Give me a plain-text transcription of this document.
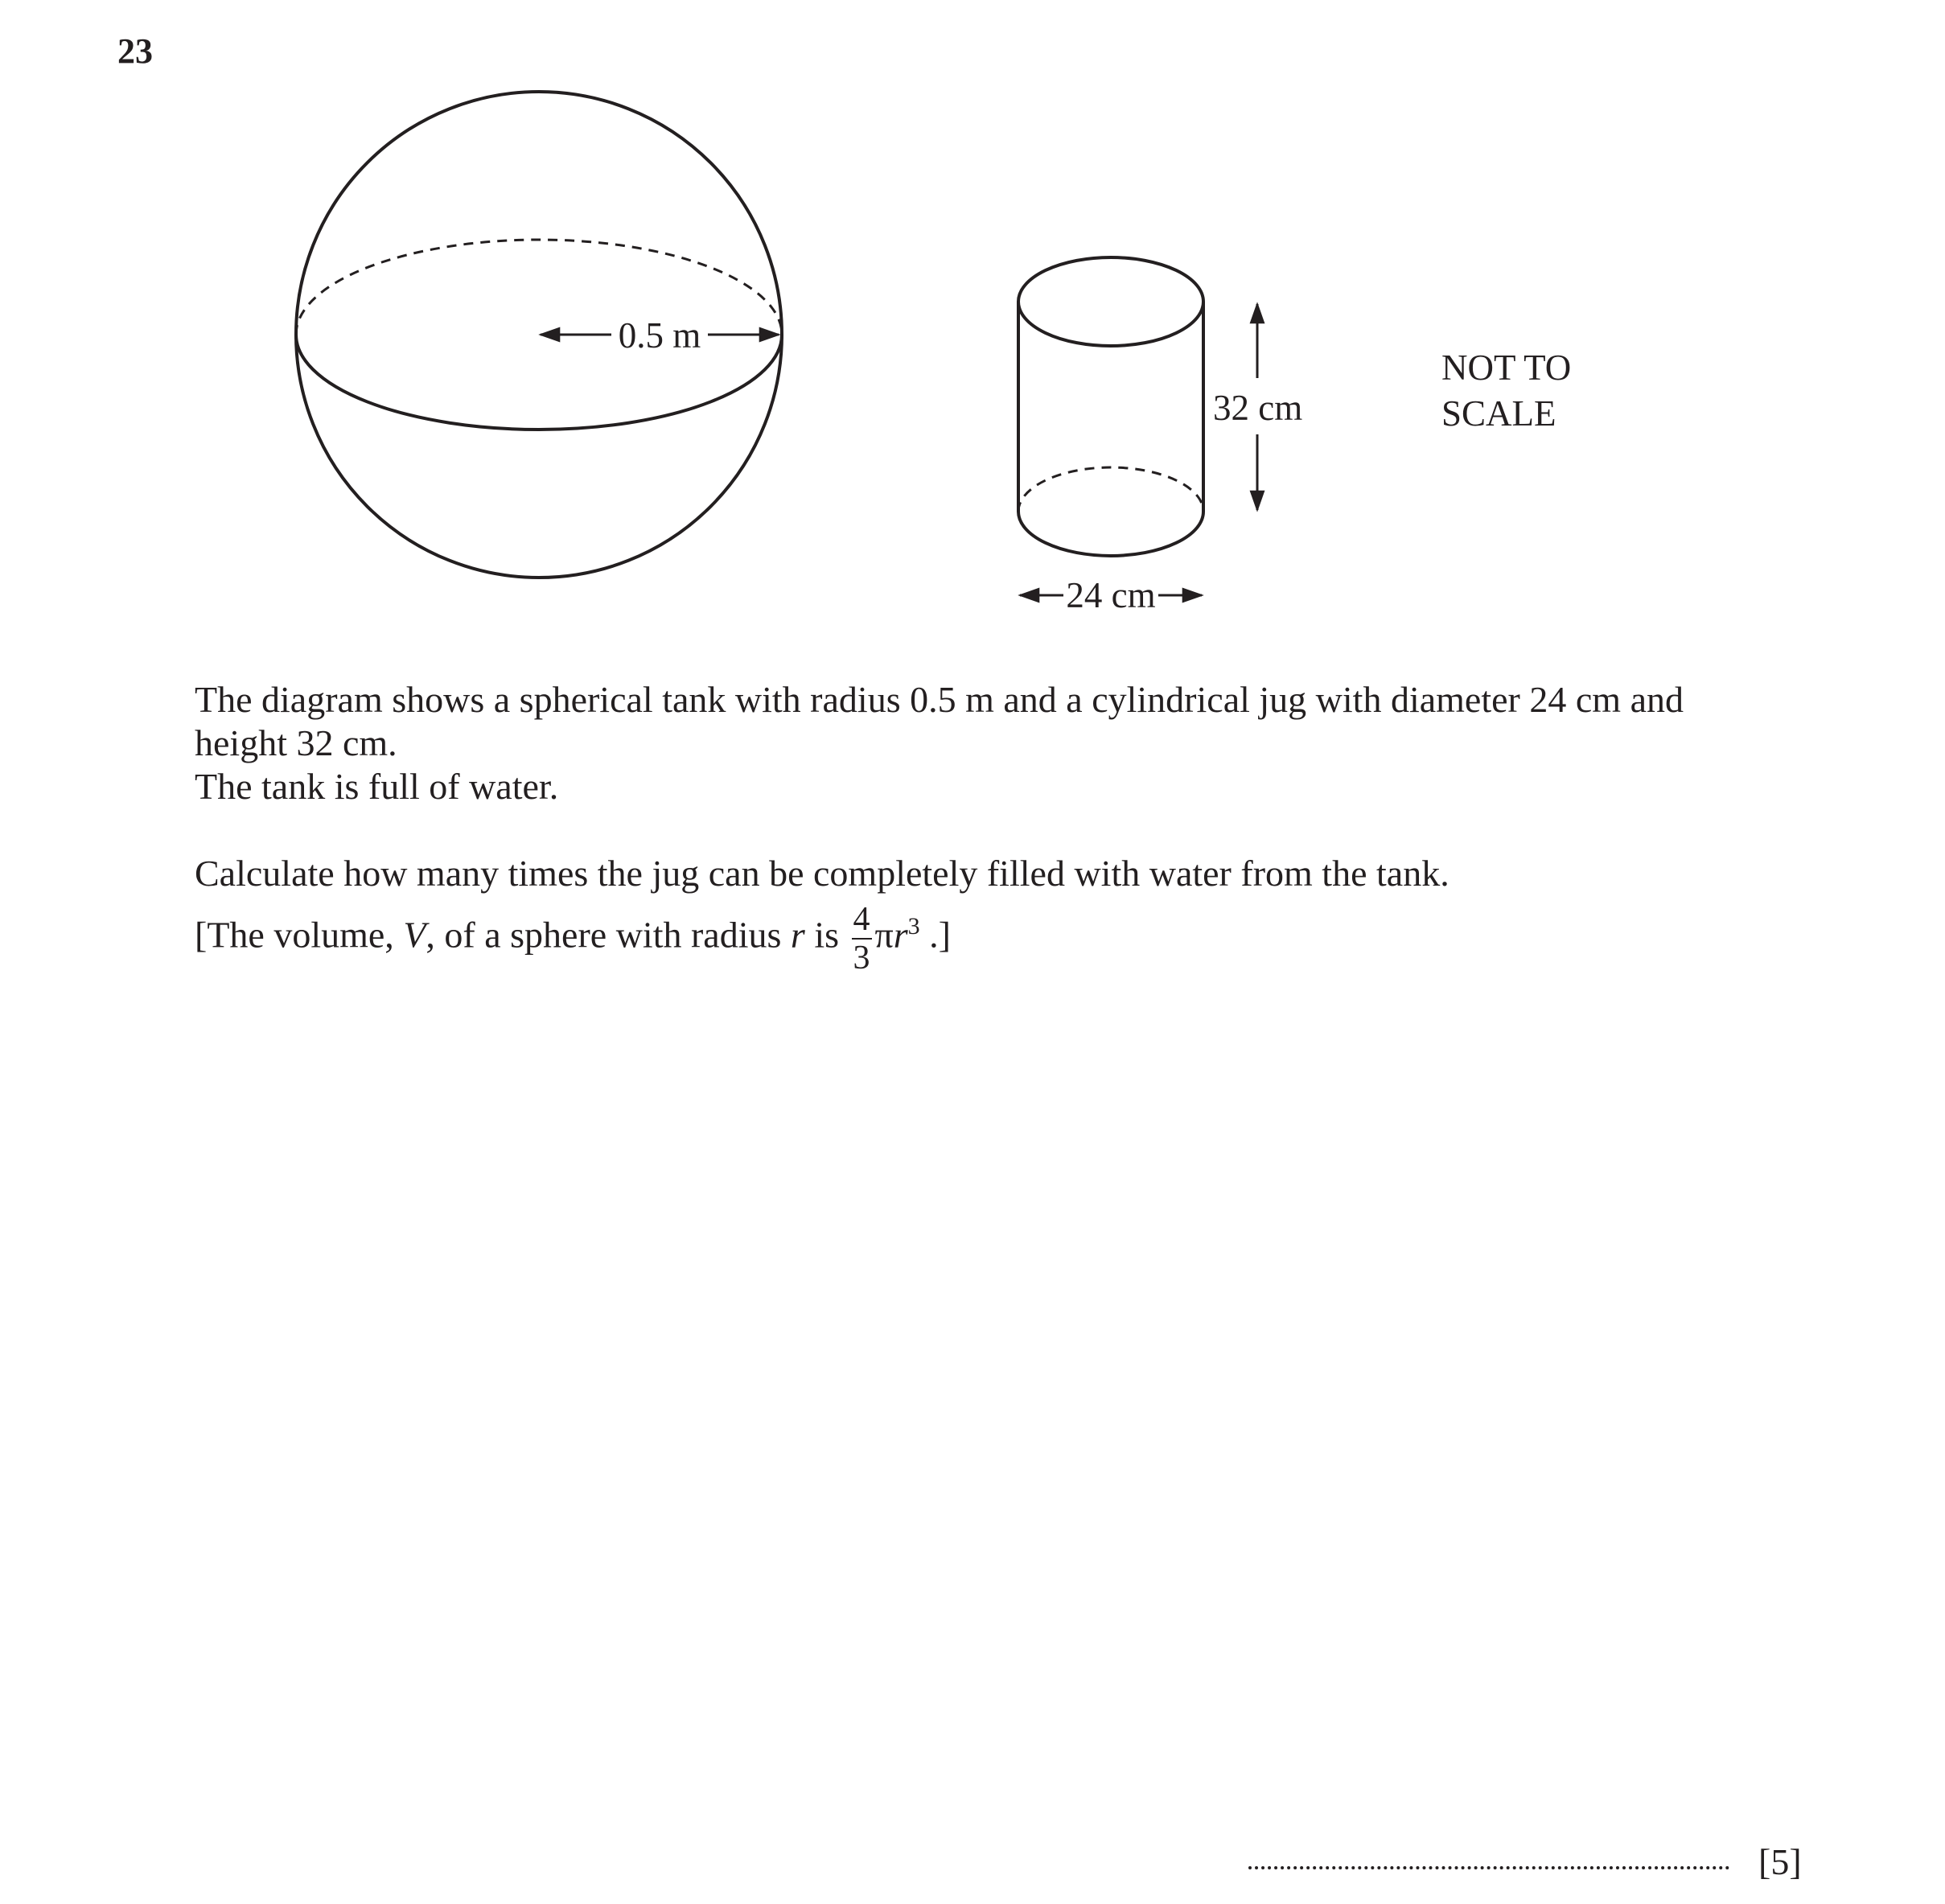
23
0.5 m
32 cm
24 cm
NOT TO
SCALE
The diagram shows a spherical tank with radius 0.5 m and a cylindrical jug with diameter 24 cm and
height 32 cm.
The tank is full of water.
Calculate how many times the jug can be completely filled with water from the tank.
[The volume, V, of a sphere with radius r is $\frac{4}{3} \pi r^3$ .]
[5]
